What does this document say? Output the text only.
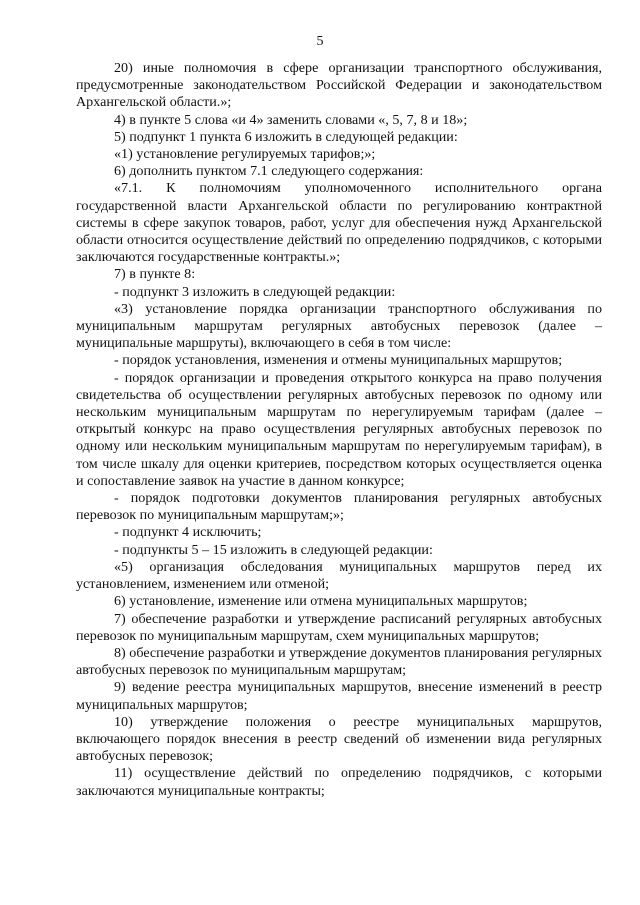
5

20) иные полномочия в сфере организации транспортного обслуживания, предусмотренные законодательством Российской Федерации и законодательством Архангельской области.»;

4) в пункте 5 слова «и 4» заменить словами «, 5, 7, 8 и 18»;

5) подпункт 1 пункта 6 изложить в следующей редакции:

«1) установление регулируемых тарифов;»;

6) дополнить пунктом 7.1 следующего содержания:

«7.1. К полномочиям уполномоченного исполнительного органа государственной власти Архангельской области по регулированию контрактной системы в сфере закупок товаров, работ, услуг для обеспечения нужд Архангельской области относится осуществление действий по определению подрядчиков, с которыми заключаются государственные контракты.»;

7) в пункте 8:

- подпункт 3 изложить в следующей редакции:

«3) установление порядка организации транспортного обслуживания по муниципальным маршрутам регулярных автобусных перевозок (далее – муниципальные маршруты), включающего в себя в том числе:

- порядок установления, изменения и отмены муниципальных маршрутов;

- порядок организации и проведения открытого конкурса на право получения свидетельства об осуществлении регулярных автобусных перевозок по одному или нескольким муниципальным маршрутам по нерегулируемым тарифам (далее – открытый конкурс на право осуществления регулярных автобусных перевозок по одному или нескольким муниципальным маршрутам по нерегулируемым тарифам), в том числе шкалу для оценки критериев, посредством которых осуществляется оценка и сопоставление заявок на участие в данном конкурсе;

- порядок подготовки документов планирования регулярных автобусных перевозок по муниципальным маршрутам;»;

- подпункт 4 исключить;

- подпункты 5 – 15 изложить в следующей редакции:

«5) организация обследования муниципальных маршрутов перед их установлением, изменением или отменой;

6) установление, изменение или отмена муниципальных маршрутов;

7) обеспечение разработки и утверждение расписаний регулярных автобусных перевозок по муниципальным маршрутам, схем муниципальных маршрутов;

8) обеспечение разработки и утверждение документов планирования регулярных автобусных перевозок по муниципальным маршрутам;

9) ведение реестра муниципальных маршрутов, внесение изменений в реестр муниципальных маршрутов;

10) утверждение положения о реестре муниципальных маршрутов, включающего порядок внесения в реестр сведений об изменении вида регулярных автобусных перевозок;

11) осуществление действий по определению подрядчиков, с которыми заключаются муниципальные контракты;
